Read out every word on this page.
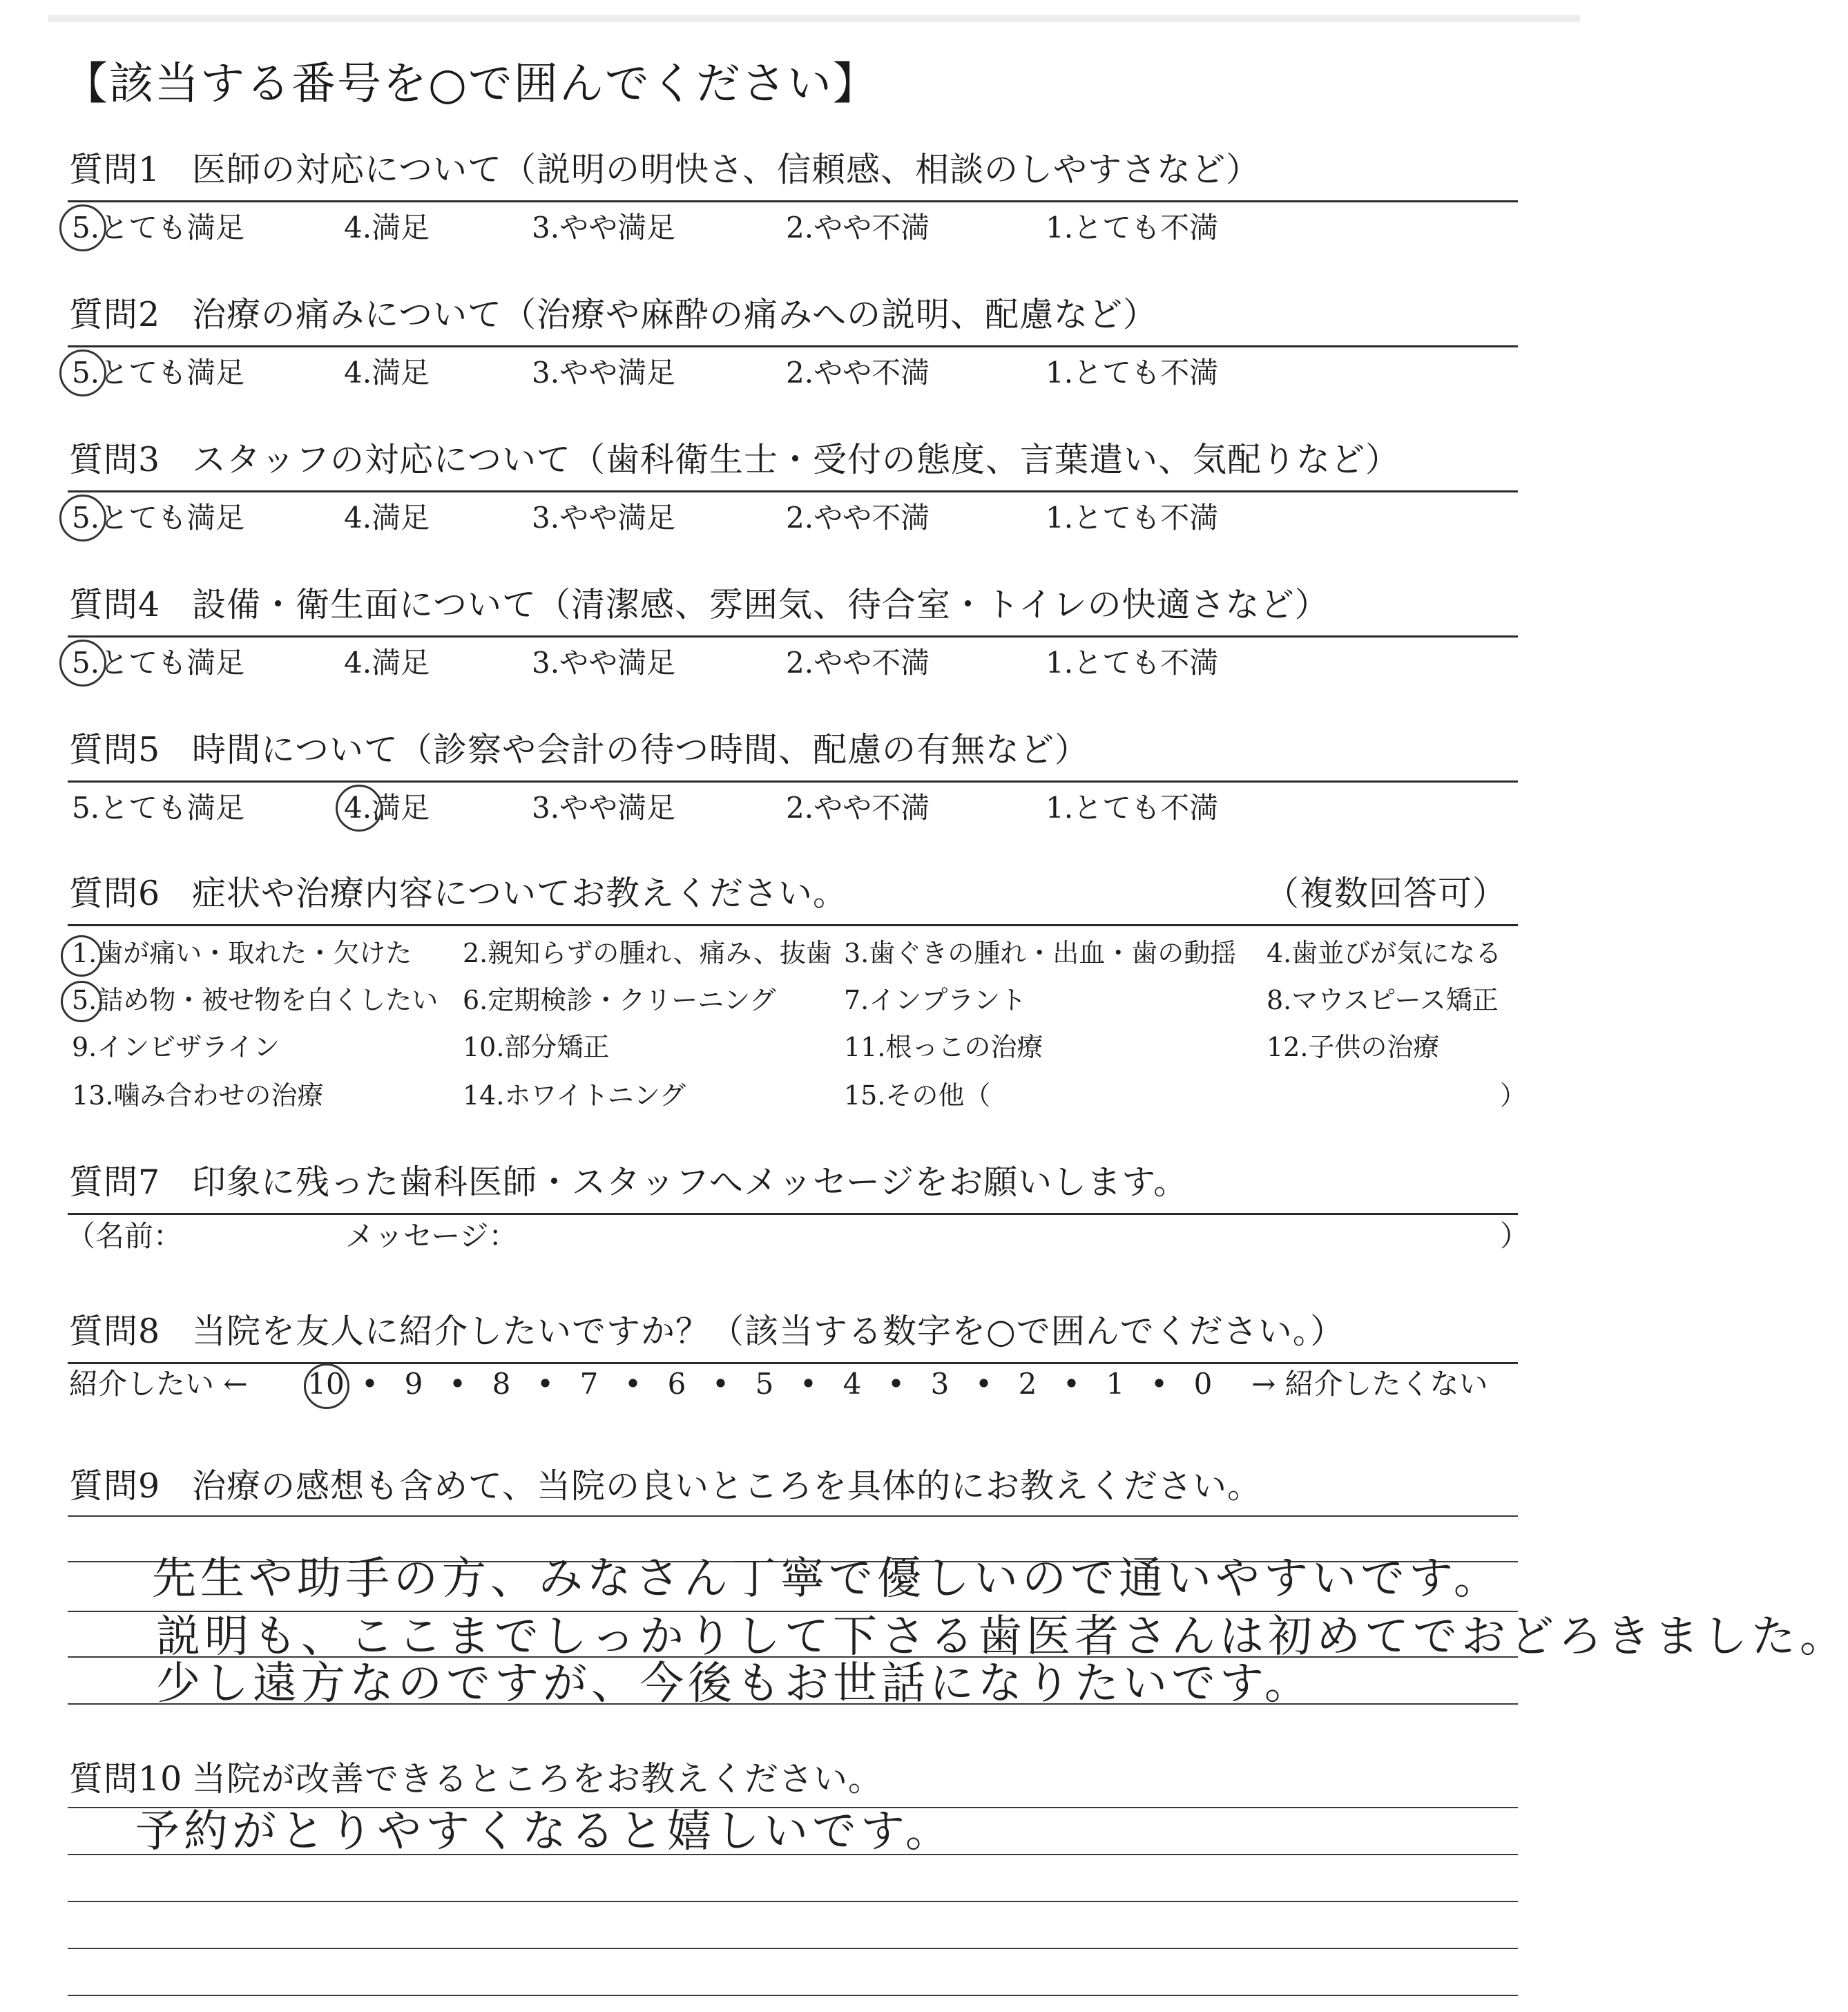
【該当する番号を○で囲んでください】
質問1 医師の対応について（説明の明快さ、信頼感、相談のしやすさなど）
5.とても満足	4.満足	3.やや満足	2.やや不満	1.とても不満
質問2 治療の痛みについて（治療や麻酔の痛みへの説明、配慮など）
5.とても満足	4.満足	3.やや満足	2.やや不満	1.とても不満
質問3 スタッフの対応について（歯科衛生士・受付の態度、言葉遣い、気配りなど）
5.とても満足	4.満足	3.やや満足	2.やや不満	1.とても不満
質問4 設備・衛生面について（清潔感、雰囲気、待合室・トイレの快適さなど）
5.とても満足	4.満足	3.やや満足	2.やや不満	1.とても不満
質問5 時間について（診察や会計の待つ時間、配慮の有無など）
5.とても満足	4.満足	3.やや満足	2.やや不満	1.とても不満
質問6 症状や治療内容についてお教えください。	（複数回答可）
1.歯が痛い・取れた・欠けた 2.親知らずの腫れ、痛み、抜歯 3.歯ぐきの腫れ・出血・歯の動揺 4.歯並びが気になる
5.詰め物・被せ物を白くしたい 6.定期検診・クリーニング	7.インプラント	8.マウスピース矯正
9.インビザライン	10.部分矯正	11.根っこの治療	12.子供の治療
13.噛み合わせの治療	14.ホワイトニング	15.その他（	）
質問7 印象に残った歯科医師・スタッフへメッセージをお願いします。
（名前：	メッセージ：	）
質問8 当院を友人に紹介したいですか？（該当する数字を○で囲んでください。）
紹介したい ←	→ 紹介したくない
10 • 9 • 8 • 7 • 6 • 5 • 4 • 3 • 2 • 1 • 0
質問9 治療の感想も含めて、当院の良いところを具体的にお教えください。
先生や助手の方、みなさん丁寧で優しいので通いやすいです。
説明も、ここまでしっかりして下さる歯医者さんは初めてでおどろきました。
少し遠方なのですが、今後もお世話になりたいです。
質問10 当院が改善できるところをお教えください。
予約がとりやすくなると嬉しいです。
